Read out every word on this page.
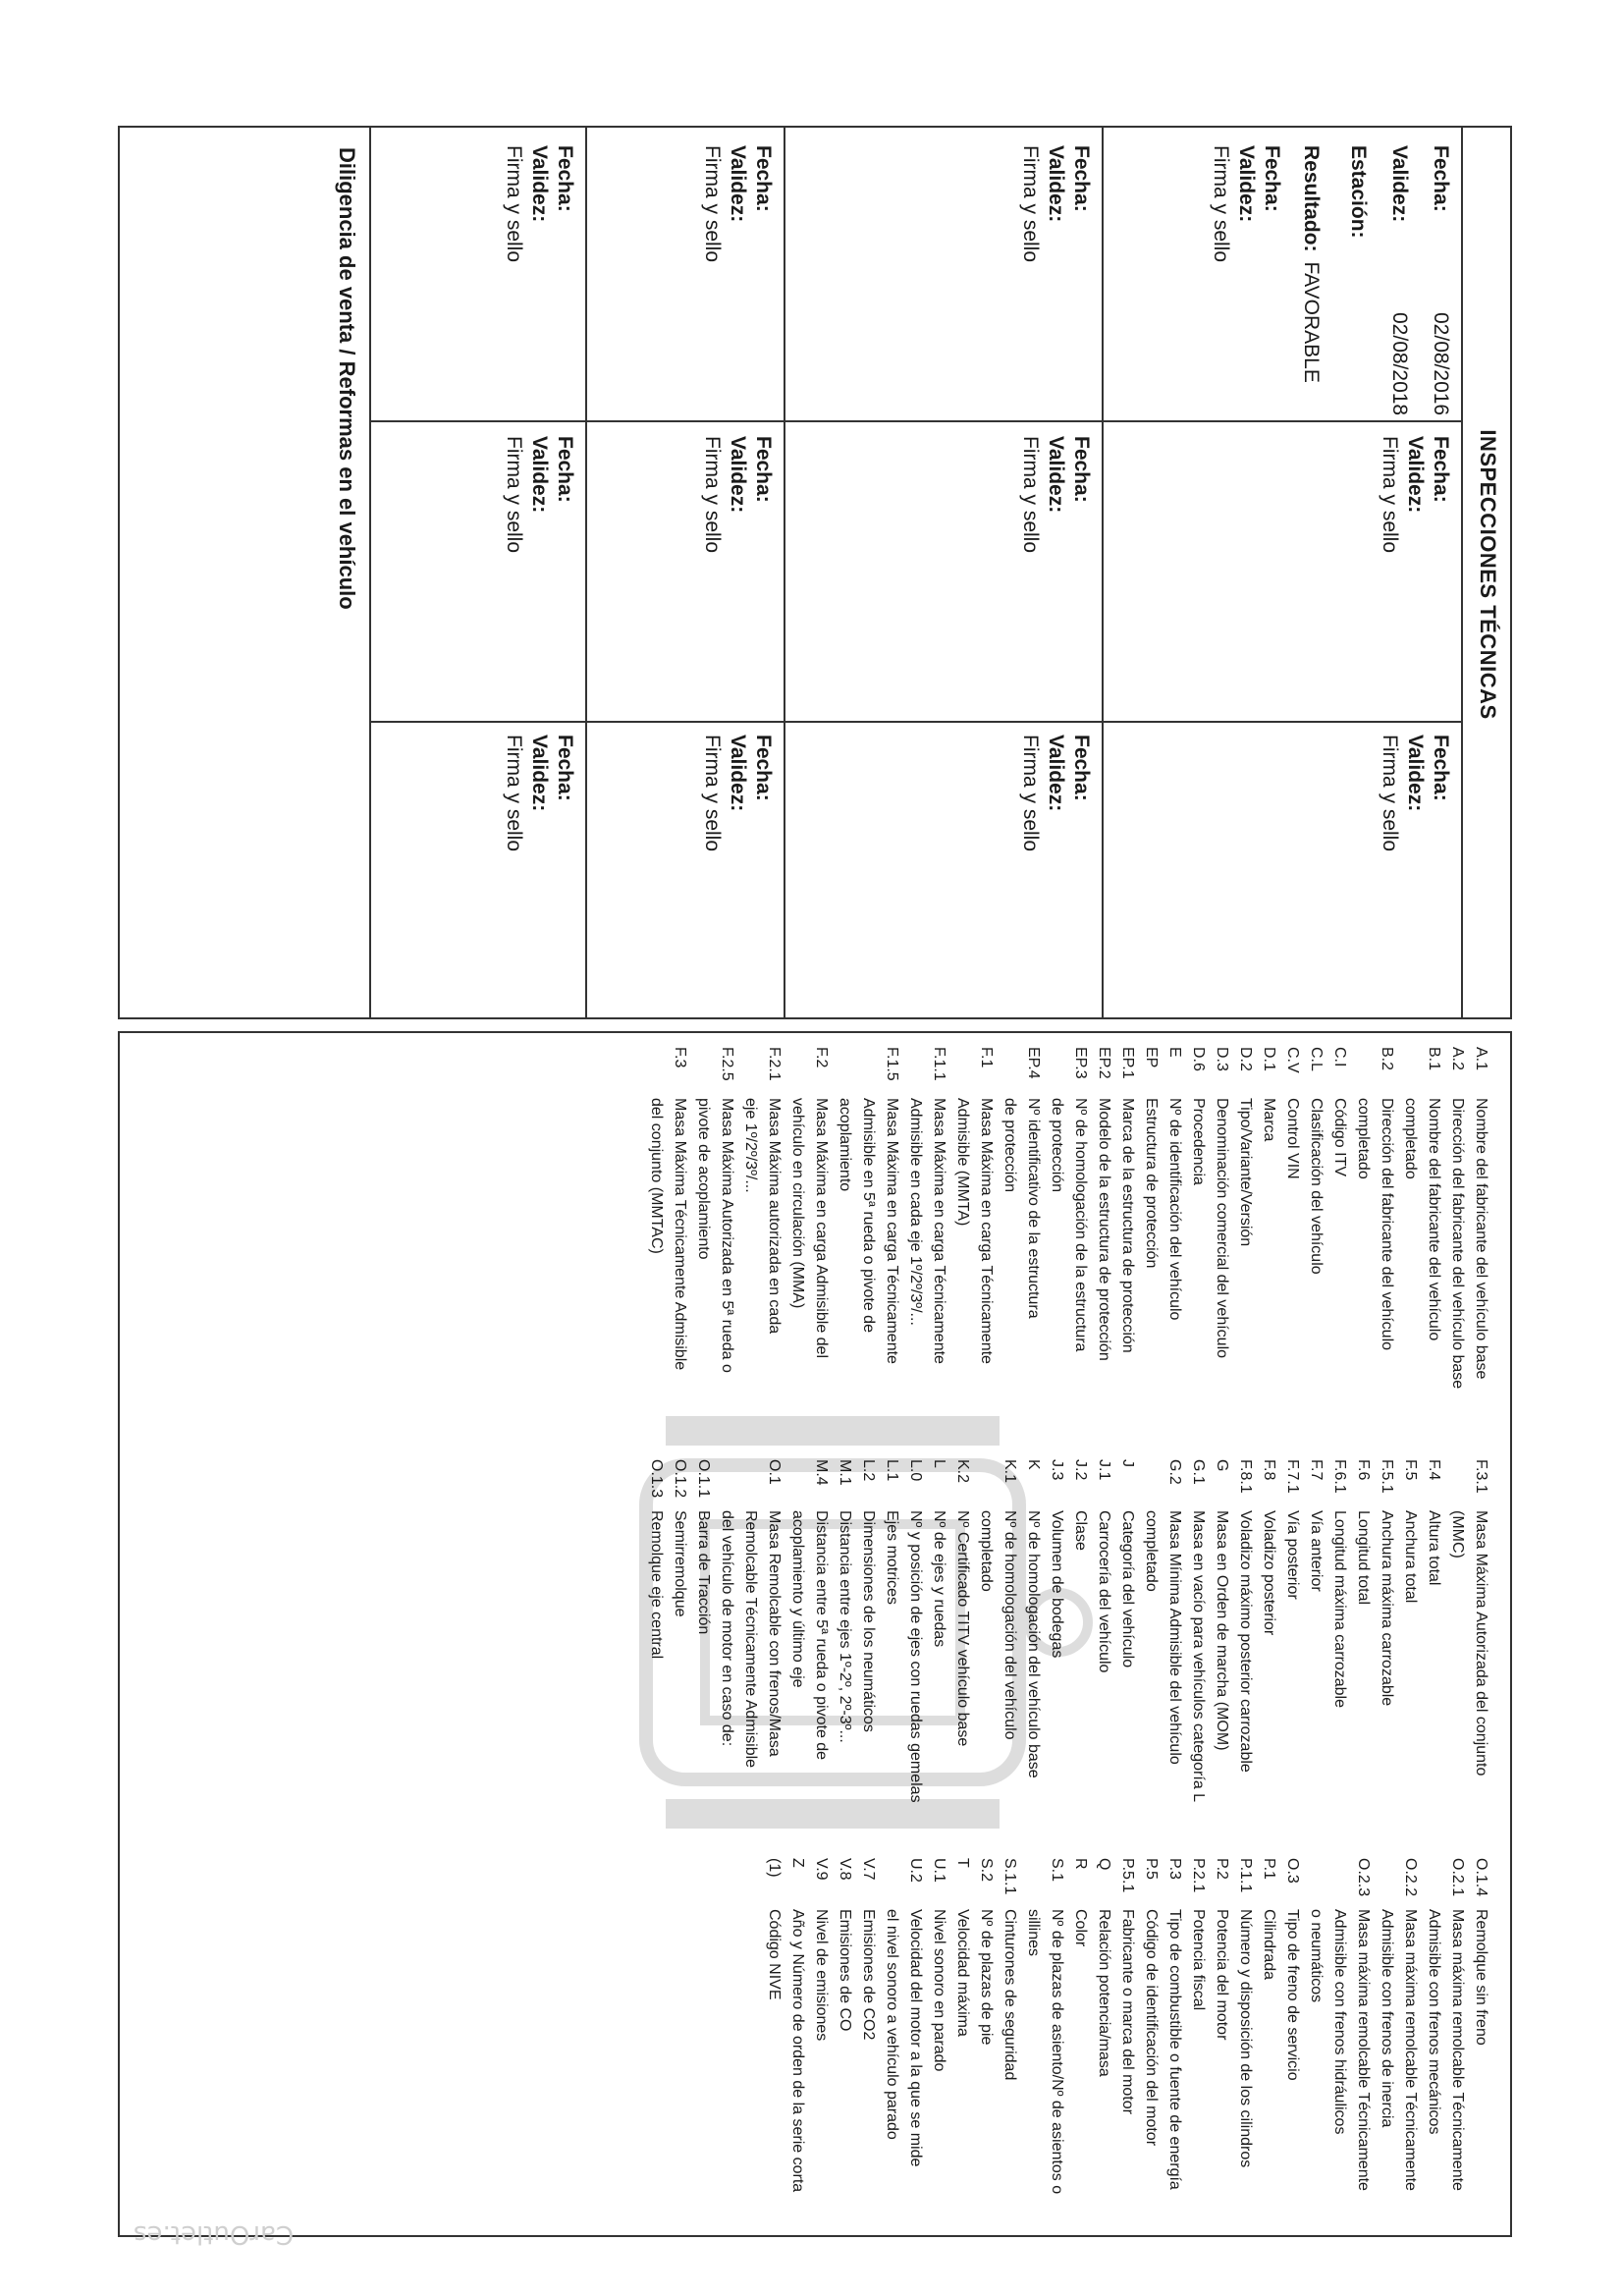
INSPECCIONES TÉCNICAS
Fecha:02/08/2016
Validez:02/08/2018
Estación:
Resultado:FAVORABLE
Fecha:
Validez:
Firma y sello
Fecha:
Validez:
Firma y sello
Fecha:
Validez:
Firma y sello
Fecha:
Validez:
Firma y sello
Fecha:
Validez:
Firma y sello
Fecha:
Validez:
Firma y sello
Fecha:
Validez:
Firma y sello
Fecha:
Validez:
Firma y sello
Fecha:
Validez:
Firma y sello
Fecha:
Validez:
Firma y sello
Fecha:
Validez:
Firma y sello
Fecha:
Validez:
Firma y sello
Diligencia de venta / Reformas en el vehículo
A.1Nombre del fabricante del vehículo base
A.2Dirección del fabricante del vehículo base
B.1Nombre del fabricante del vehículo
completado
B.2Dirección del fabricante del vehículo
completado
C.ICódigo ITV
C.LClasificación del vehículo
C.VControl VIN
D.1Marca
D.2Tipo/Variante/Versión
D.3Denominación comercial del vehículo
D.6Procedencia
ENº de identificación del vehículo
EPEstructura de protección
EP.1Marca de la estructura de protección
EP.2Modelo de la estructura de protección
EP.3Nº de homologación de la estructura
de protección
EP.4Nº identificativo de la estructura
de protección
F.1Masa Máxima en carga Técnicamente
Admisible (MMTA)
F.1.1Masa Máxima en carga Técnicamente
Admisible en cada eje 1º/2º/3º/...
F.1.5Masa Máxima en carga Técnicamente
Admisible en 5ª rueda o pivote de
acoplamiento
F.2Masa Máxima en carga Admisible del
vehículo en circulación (MMA)
F.2.1Masa Máxima autorizada en cada
eje 1º/2º/3º/...
F.2.5Masa Máxima Autorizada en 5ª rueda o
pivote de acoplamiento
F.3Masa Máxima Técnicamente Admisible
del conjunto (MMTAC)
F.3.1Masa Máxima Autorizada del conjunto
(MMC)
F.4Altura total
F.5Anchura total
F.5.1Anchura máxima carrozable
F.6Longitud total
F.6.1Longitud máxima carrozable
F.7Vía anterior
F.7.1Vía posterior
F.8Voladizo posterior
F.8.1Voladizo máximo posterior carrozable
GMasa en Orden de marcha (MOM)
G.1Masa en vacío para vehículos categoría L
G.2Masa Mínima Admisible del vehículo
completado
JCategoría del vehículo
J.1Carrocería del vehículo
J.2Clase
J.3Volumen de bodegas
KNº de homologación del vehículo base
K.1Nº de homologación del vehículo
completado
K.2Nº Certificado TITV vehículo base
LNº de ejes y ruedas
L.0Nº y posición de ejes con ruedas gemelas
L.1Ejes motrices
L.2Dimensiones de los neumáticos
M.1Distancia entre ejes 1º-2º, 2º-3º...
M.4Distancia entre 5ª rueda o pivote de
acoplamiento y último eje
O.1Masa Remolcable con frenos/Masa
Remolcable Técnicamente Admisible
del vehículo de motor en caso de:
O.1.1Barra de Tracción
O.1.2Semirremolque
O.1.3Remolque eje central
O.1.4Remolque sin freno
O.2.1Masa máxima remolcable Técnicamente
Admisible con frenos mecánicos
O.2.2Masa máxima remolcable Técnicamente
Admisible con frenos de inercia
O.2.3Masa máxima remolcable Técnicamente
Admisible con frenos hidráulicos
o neumáticos
O.3Tipo de freno de servicio
P.1Cilindrada
P.1.1Número y disposición de los cilindros
P.2Potencia del motor
P.2.1Potencia fiscal
P.3Tipo de combustible o fuente de energía
P.5Código de identificación del motor
P.5.1Fabricante o marca del motor
QRelación potencia/masa
RColor
S.1Nº de plazas de asiento/Nº de asientos o
sillines
S.1.1Cinturones de seguridad
S.2Nº de plazas de pie
TVelocidad máxima
U.1Nivel sonoro en parado
U.2Velocidad del motor a la que se mide
el nivel sonoro a vehículo parado
V.7Emisiones de CO2
V.8Emisiones de CO
V.9Nivel de emisiones
ZAño y Número de orden de la serie corta
(1)Código NIVE
CarOutlet.es
